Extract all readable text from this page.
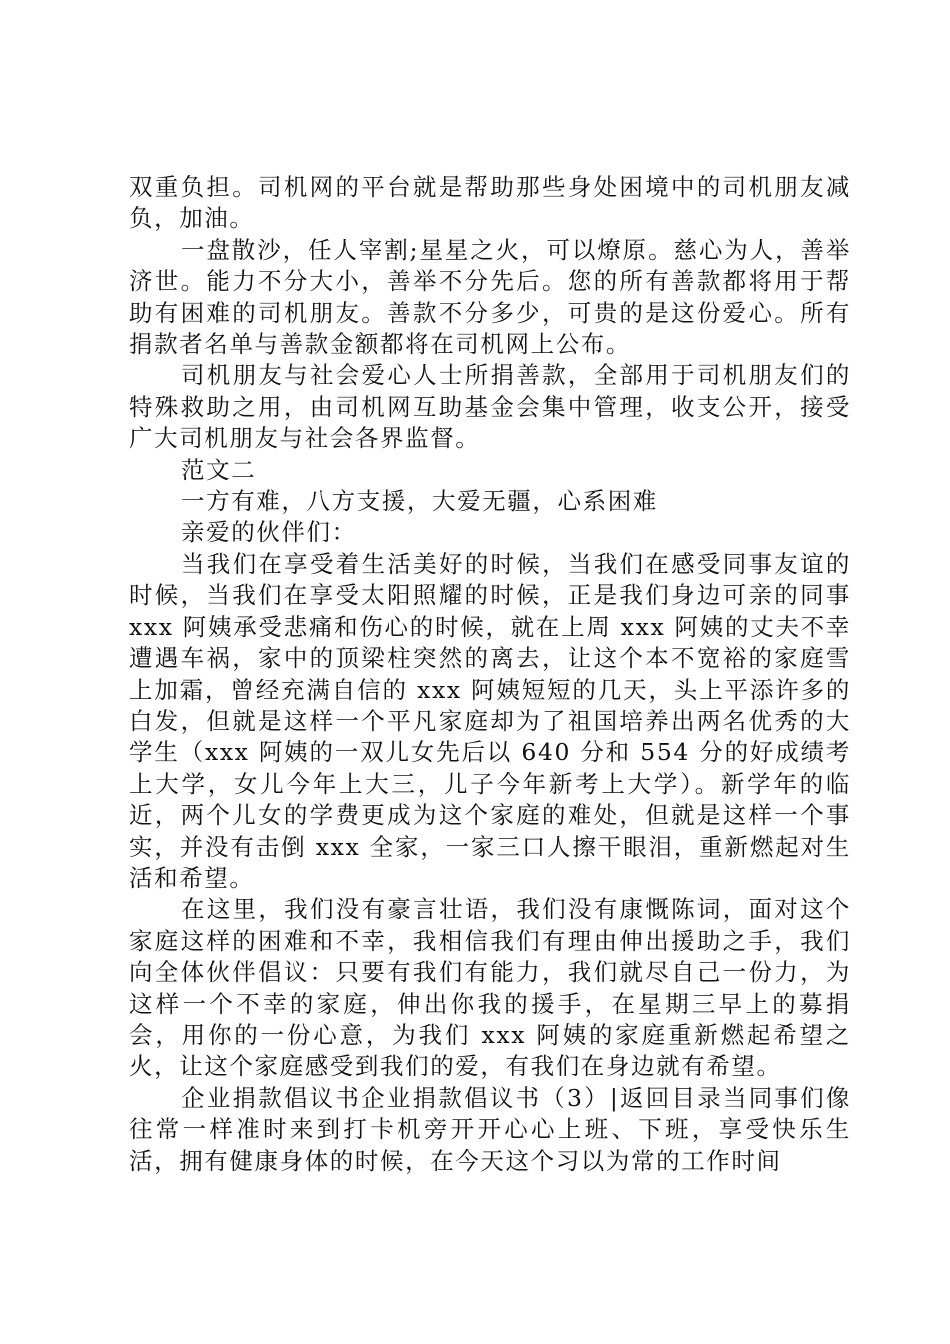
双重负担。司机网的平台就是帮助那些身处困境中的司机朋友减负，加油。

一盘散沙，任人宰割;星星之火，可以燎原。慈心为人，善举济世。能力不分大小，善举不分先后。您的所有善款都将用于帮助有困难的司机朋友。善款不分多少，可贵的是这份爱心。所有捐款者名单与善款金额都将在司机网上公布。

司机朋友与社会爱心人士所捐善款，全部用于司机朋友们的特殊救助之用，由司机网互助基金会集中管理，收支公开，接受广大司机朋友与社会各界监督。

范文二

一方有难，八方支援，大爱无疆，心系困难

亲爱的伙伴们：

当我们在享受着生活美好的时候，当我们在感受同事友谊的时候，当我们在享受太阳照耀的时候，正是我们身边可亲的同事 xxx 阿姨承受悲痛和伤心的时候，就在上周 xxx 阿姨的丈夫不幸遭遇车祸，家中的顶梁柱突然的离去，让这个本不宽裕的家庭雪上加霜，曾经充满自信的 xxx 阿姨短短的几天，头上平添许多的白发，但就是这样一个平凡家庭却为了祖国培养出两名优秀的大学生（xxx 阿姨的一双儿女先后以 640 分和 554 分的好成绩考上大学，女儿今年上大三，儿子今年新考上大学）。新学年的临近，两个儿女的学费更成为这个家庭的难处，但就是这样一个事实，并没有击倒 xxx 全家，一家三口人擦干眼泪，重新燃起对生活和希望。

在这里，我们没有豪言壮语，我们没有康慨陈词，面对这个家庭这样的困难和不幸，我相信我们有理由伸出援助之手，我们向全体伙伴倡议：只要有我们有能力，我们就尽自己一份力，为这样一个不幸的家庭，伸出你我的援手，在星期三早上的募捐会，用你的一份心意，为我们 xxx 阿姨的家庭重新燃起希望之火，让这个家庭感受到我们的爱，有我们在身边就有希望。

企业捐款倡议书企业捐款倡议书（3）|返回目录当同事们像往常一样准时来到打卡机旁开开心心上班、下班，享受快乐生活，拥有健康身体的时候，在今天这个习以为常的工作时间
